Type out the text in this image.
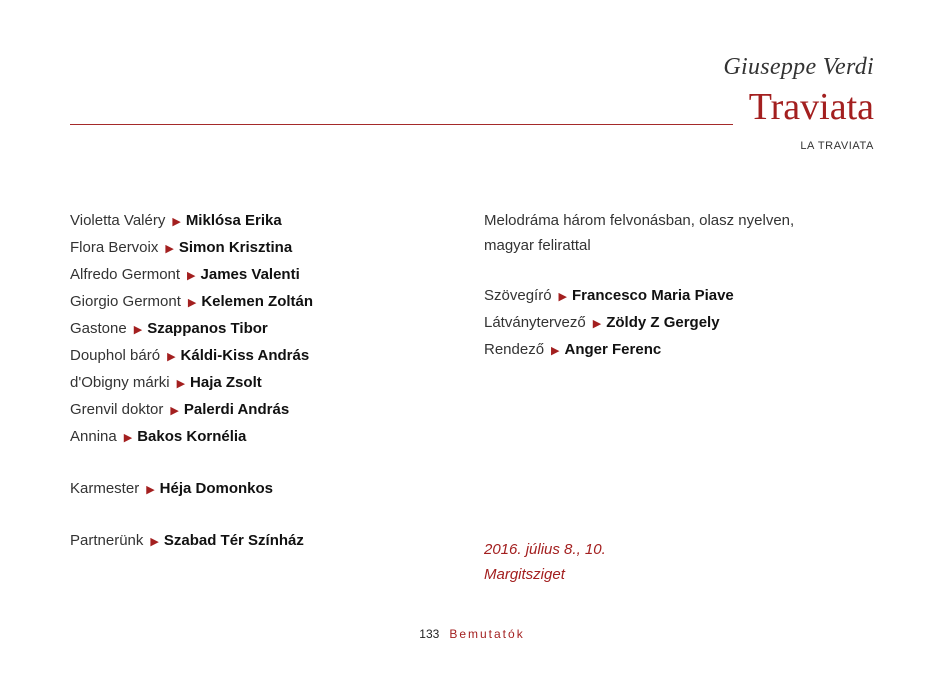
Giuseppe Verdi
Traviata
LA TRAVIATA
Violetta Valéry ▶ Miklósa Erika
Flora Bervoix ▶ Simon Krisztina
Alfredo Germont ▶ James Valenti
Giorgio Germont ▶ Kelemen Zoltán
Gastone ▶ Szappanos Tibor
Douphol báró ▶ Káldi-Kiss András
d'Obigny márki ▶ Haja Zsolt
Grenvil doktor ▶ Palerdi András
Annina ▶ Bakos Kornélia
Karmester ▶ Héja Domonkos
Partnerünk ▶ Szabad Tér Színház
Melodráma három felvonásban, olasz nyelven,
magyar felirattal
Szövegíró ▶ Francesco Maria Piave
Látványtervező ▶ Zöldy Z Gergely
Rendező ▶ Anger Ferenc
2016. július 8., 10.
Margitsziget
133 Bemutatók
